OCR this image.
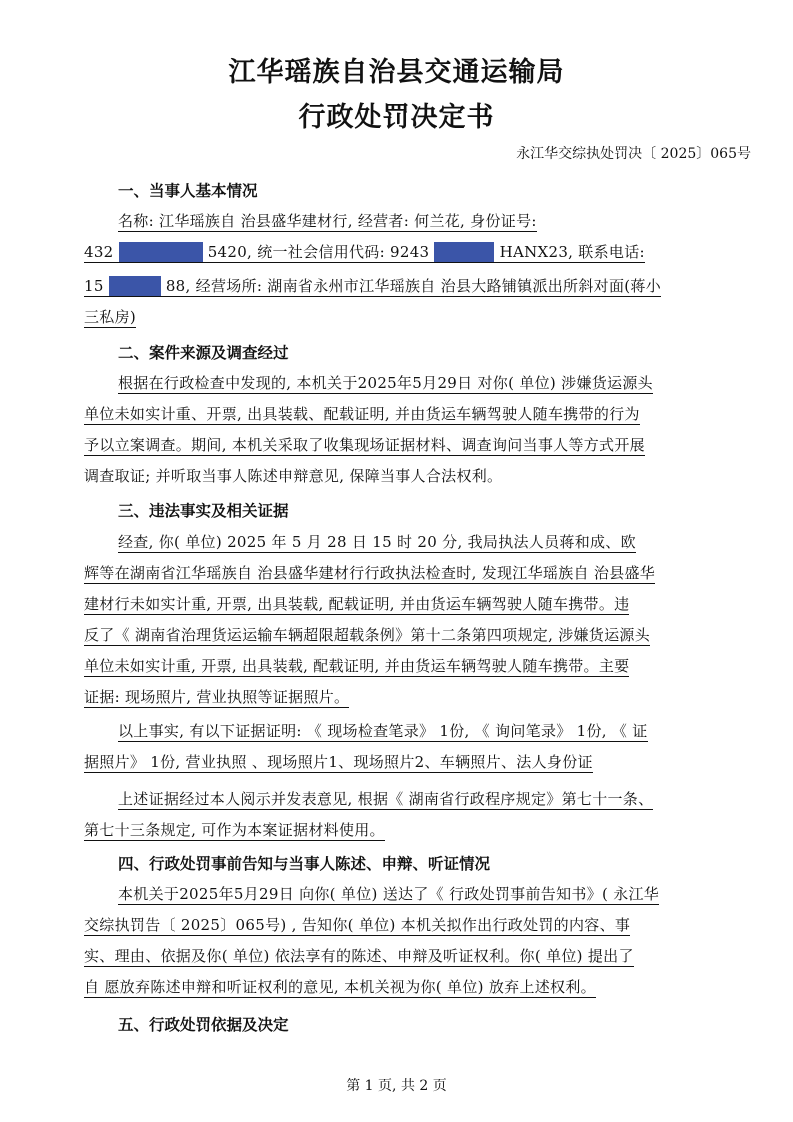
江华瑶族自治县交通运输局
行政处罚决定书
永江华交综执处罚决〔 2025〕065号
一、当事人基本情况
名称: 江华瑶族自 治县盛华建材行, 经营者: 何兰花, 身份证号:
432	5420, 统一社会信用代码: 9243	HANX23, 联系电话:
15	88, 经营场所: 湖南省永州市江华瑶族自 治县大路铺镇派出所斜对面(蒋小
三私房)
二、案件来源及调查经过
根据在行政检查中发现的, 本机关于2025年5月29日 对你( 单位) 涉嫌货运源头
单位未如实计重、开票, 出具装载、配载证明, 并由货运车辆驾驶人随车携带的行为
予以立案调查。期间, 本机关采取了收集现场证据材料、调查询问当事人等方式开展
调查取证; 并听取当事人陈述申辩意见, 保障当事人合法权利。
三、违法事实及相关证据
经查, 你( 单位) 2025 年 5 月 28 日 15 时 20 分, 我局执法人员蒋和成、欧
辉等在湖南省江华瑶族自 治县盛华建材行行政执法检查时, 发现江华瑶族自 治县盛华
建材行未如实计重, 开票, 出具装载, 配载证明, 并由货运车辆驾驶人随车携带。违
反了《 湖南省治理货运运输车辆超限超载条例》第十二条第四项规定, 涉嫌货运源头
单位未如实计重, 开票, 出具装载, 配载证明, 并由货运车辆驾驶人随车携带。主要
证据: 现场照片, 营业执照等证据照片。
以上事实, 有以下证据证明: 《 现场检查笔录》 1份, 《 询问笔录》 1份, 《 证
据照片》 1份, 营业执照 、现场照片1、现场照片2、车辆照片、法人身份证
上述证据经过本人阅示并发表意见, 根据《 湖南省行政程序规定》第七十一条、
第七十三条规定, 可作为本案证据材料使用。
四、行政处罚事前告知与当事人陈述、申辩、听证情况
本机关于2025年5月29日 向你( 单位) 送达了《 行政处罚事前告知书》( 永江华
交综执罚告〔 2025〕065号) , 告知你( 单位) 本机关拟作出行政处罚的内容、事
实、理由、依据及你( 单位) 依法享有的陈述、申辩及听证权利。你( 单位) 提出了
自 愿放弃陈述申辩和听证权利的意见, 本机关视为你( 单位) 放弃上述权利。
五、行政处罚依据及决定
第 1 页, 共 2 页
